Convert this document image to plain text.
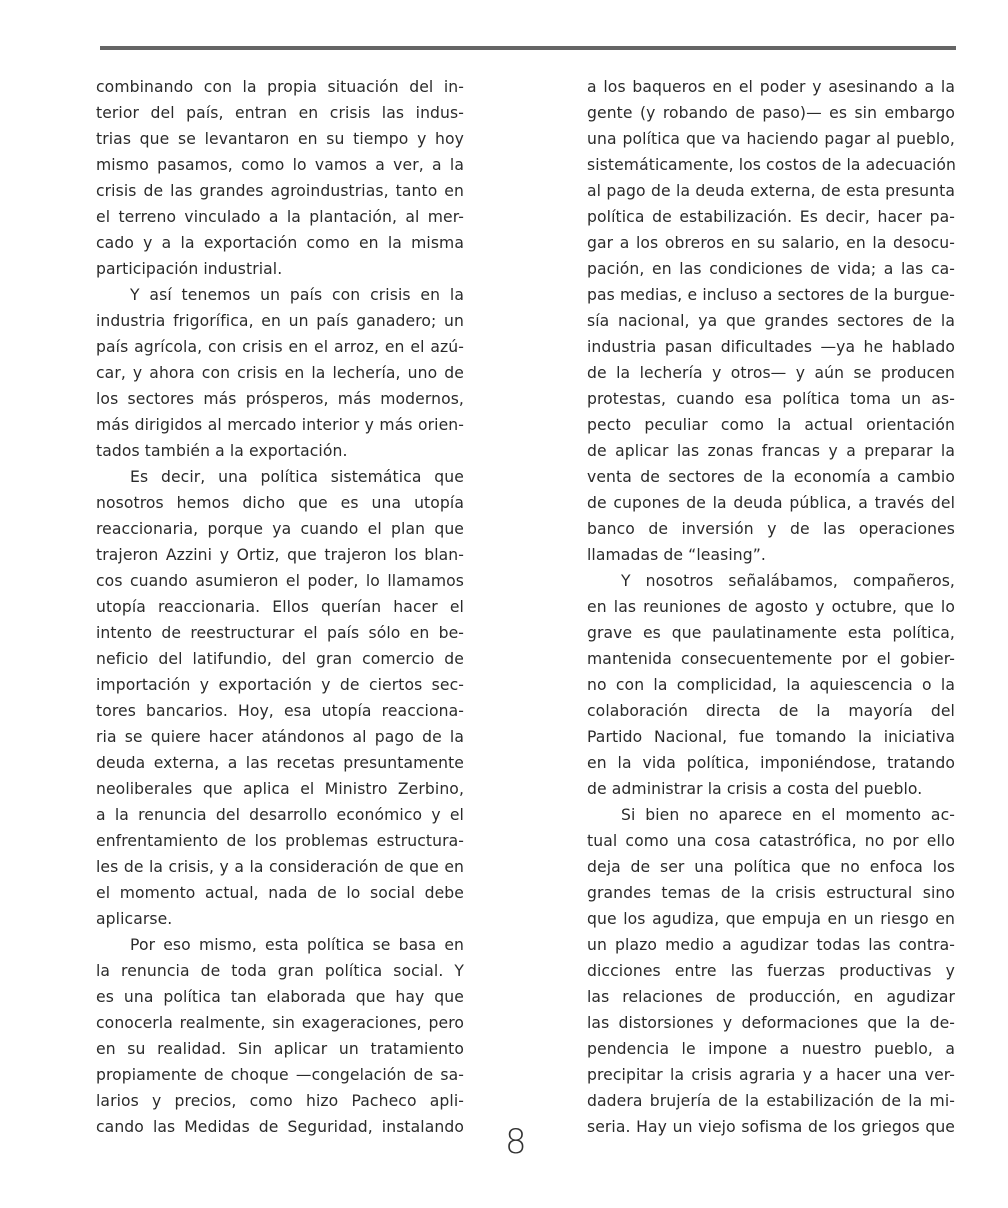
combinando con la propia situación del in-
terior del país, entran en crisis las indus-
trias que se levantaron en su tiempo y hoy
mismo pasamos, como lo vamos a ver, a la
crisis de las grandes agroindustrias, tanto en
el terreno vinculado a la plantación, al mer-
cado y a la exportación como en la misma
participación industrial.
Y así tenemos un país con crisis en la
industria frigorífica, en un país ganadero; un
país agrícola, con crisis en el arroz, en el azú-
car, y ahora con crisis en la lechería, uno de
los sectores más prósperos, más modernos,
más dirigidos al mercado interior y más orien-
tados también a la exportación.
Es decir, una política sistemática que
nosotros hemos dicho que es una utopía
reaccionaria, porque ya cuando el plan que
trajeron Azzini y Ortiz, que trajeron los blan-
cos cuando asumieron el poder, lo llamamos
utopía reaccionaria. Ellos querían hacer el
intento de reestructurar el país sólo en be-
neficio del latifundio, del gran comercio de
importación y exportación y de ciertos sec-
tores bancarios. Hoy, esa utopía reacciona-
ria se quiere hacer atándonos al pago de la
deuda externa, a las recetas presuntamente
neoliberales que aplica el Ministro Zerbino,
a la renuncia del desarrollo económico y el
enfrentamiento de los problemas estructura-
les de la crisis, y a la consideración de que en
el momento actual, nada de lo social debe
aplicarse.
Por eso mismo, esta política se basa en
la renuncia de toda gran política social. Y
es una política tan elaborada que hay que
conocerla realmente, sin exageraciones, pero
en su realidad. Sin aplicar un tratamiento
propiamente de choque —congelación de sa-
larios y precios, como hizo Pacheco apli-
cando las Medidas de Seguridad, instalando
a los baqueros en el poder y asesinando a la
gente (y robando de paso)— es sin embargo
una política que va haciendo pagar al pueblo,
sistemáticamente, los costos de la adecuación
al pago de la deuda externa, de esta presunta
política de estabilización. Es decir, hacer pa-
gar a los obreros en su salario, en la desocu-
pación, en las condiciones de vida; a las ca-
pas medias, e incluso a sectores de la burgue-
sía nacional, ya que grandes sectores de la
industria pasan dificultades —ya he hablado
de la lechería y otros— y aún se producen
protestas, cuando esa política toma un as-
pecto peculiar como la actual orientación
de aplicar las zonas francas y a preparar la
venta de sectores de la economía a cambio
de cupones de la deuda pública, a través del
banco de inversión y de las operaciones
llamadas de “leasing”.
Y nosotros señalábamos, compañeros,
en las reuniones de agosto y octubre, que lo
grave es que paulatinamente esta política,
mantenida consecuentemente por el gobier-
no con la complicidad, la aquiescencia o la
colaboración directa de la mayoría del
Partido Nacional, fue tomando la iniciativa
en la vida política, imponiéndose, tratando
de administrar la crisis a costa del pueblo.
Si bien no aparece en el momento ac-
tual como una cosa catastrófica, no por ello
deja de ser una política que no enfoca los
grandes temas de la crisis estructural sino
que los agudiza, que empuja en un riesgo en
un plazo medio a agudizar todas las contra-
dicciones entre las fuerzas productivas y
las relaciones de producción, en agudizar
las distorsiones y deformaciones que la de-
pendencia le impone a nuestro pueblo, a
precipitar la crisis agraria y a hacer una ver-
dadera brujería de la estabilización de la mi-
seria. Hay un viejo sofisma de los griegos que
8
